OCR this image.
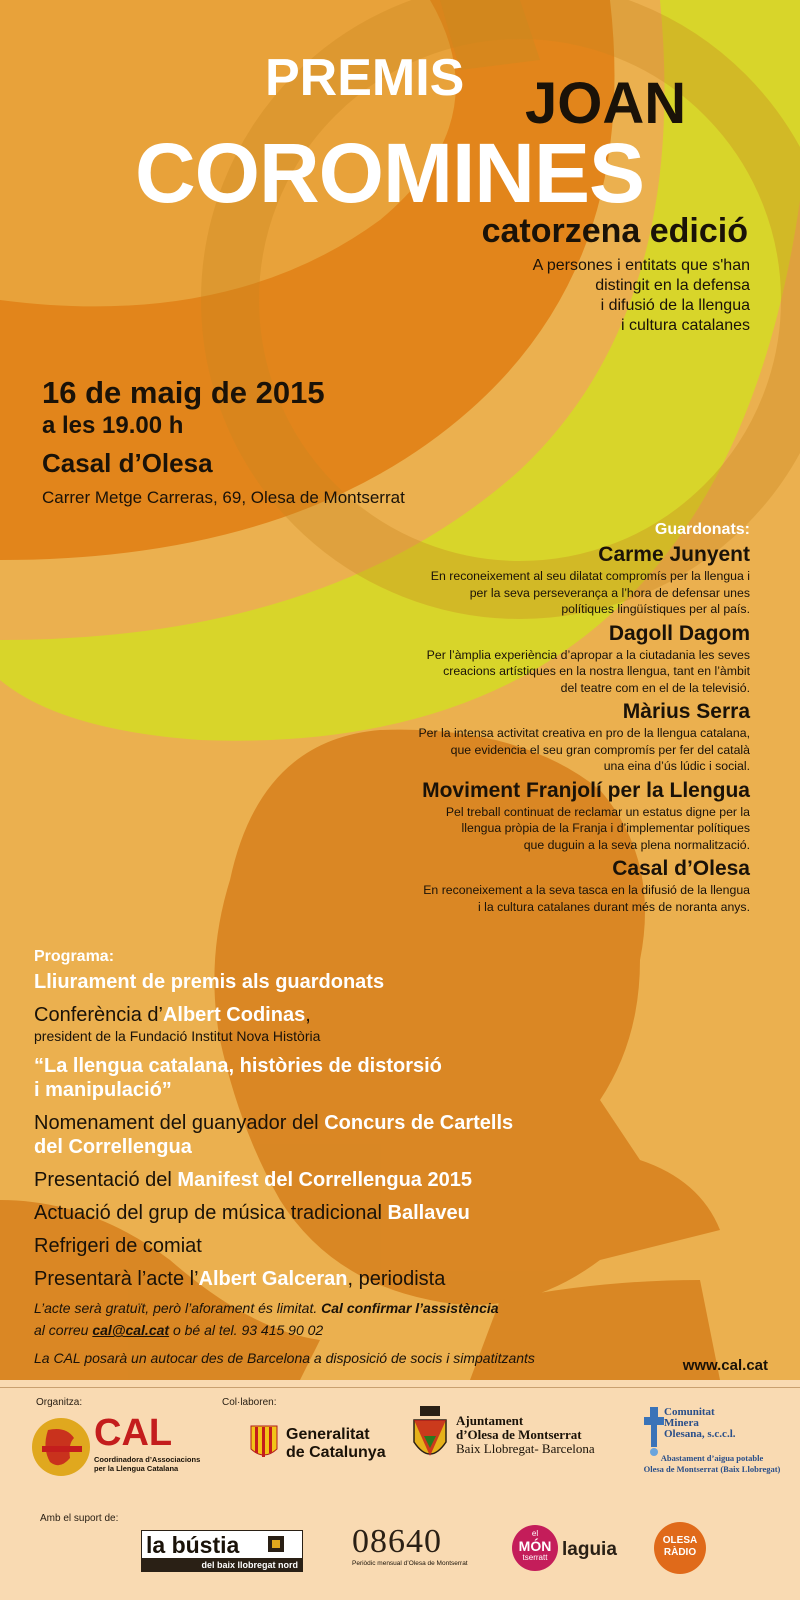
PREMIS JOAN
COROMINES
catorzena edició
A persones i entitats que s'han
distingit en la defensa
i difusió de la llengua
i cultura catalanes
16 de maig de 2015
a les 19.00 h
Casal d’Olesa
Carrer Metge Carreras, 69, Olesa de Montserrat
Guardonats:
Carme Junyent
En reconeixement al seu dilatat compromís per la llengua i
per la seva perseverança a l’hora de defensar unes
polítiques lingüístiques per al país.
Dagoll Dagom
Per l’àmplia experiència d’apropar a la ciutadania les seves
creacions artístiques en la nostra llengua, tant en l’àmbit
del teatre com en el de la televisió.
Màrius Serra
Per la intensa activitat creativa en pro de la llengua catalana,
que evidencia el seu gran compromís per fer del català
una eina d’ús lúdic i social.
Moviment Franjolí per la Llengua
Pel treball continuat de reclamar un estatus digne per la
llengua pròpia de la Franja i d’implementar polítiques
que duguin a la seva plena normalització.
Casal d’Olesa
En reconeixement a la seva tasca en la difusió de la llengua
i la cultura catalanes durant més de noranta anys.
Programa:
Lliurament de premis als guardonats
Conferència d’Albert Codinas,
president de la Fundació Institut Nova Història
“La llengua catalana, històries de distorsió
i manipulació”
Nomenament del guanyador del Concurs de Cartells
del Correllengua
Presentació del Manifest del Correllengua 2015
Actuació del grup de música tradicional Ballaveu
Refrigeri de comiat
Presentarà l’acte l’Albert Galceran, periodista
L’acte serà gratuït, però l’aforament és limitat. Cal confirmar l’assistència
al correu cal@cal.cat o bé al tel. 93 415 90 02
La CAL posarà un autocar des de Barcelona a disposició de socis i simpatitzants	www.cal.cat
Organitza:	Col·laboren:
Amb el suport de:
CAL
Coordinadora d’Associacions
per la Llengua Catalana
Generalitat
de Catalunya
Ajuntament
d’Olesa de Montserrat
Baix Llobregat- Barcelona
Comunitat
Minera
Olesana, s.c.c.l.
Abastament d’aigua potable
Olesa de Montserrat (Baix Llobregat)
la bústia
del baix llobregat nord
08640
Periòdic mensual d’Olesa de Montserrat
el
MÓN
tserratt laguia	OLESA
RÀDIO
